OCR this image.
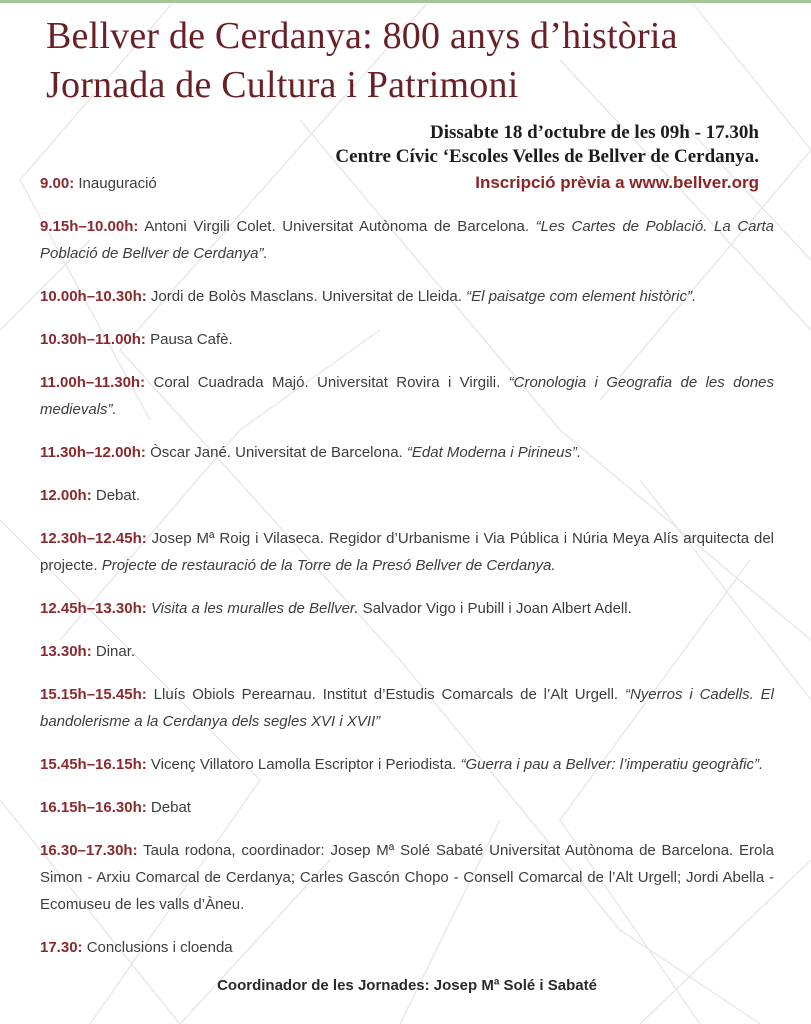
Bellver de Cerdanya: 800 anys d’història
Jornada de Cultura i Patrimoni
Dissabte 18 d’octubre de les 09h - 17.30h
Centre Cívic ‘Escoles Velles de Bellver de Cerdanya.
Inscripció prèvia a www.bellver.org

9.00: Inauguració

9.15h–10.00h: Antoni Virgili Colet. Universitat Autònoma de Barcelona. “Les Cartes de Població. La Carta Població de Bellver de Cerdanya”.

10.00h–10.30h: Jordi de Bolòs Masclans. Universitat de Lleida. “El paisatge com element històric”.

10.30h–11.00h: Pausa Cafè.

11.00h–11.30h: Coral Cuadrada Majó. Universitat Rovira i Virgili. “Cronologia i Geografia de les dones medievals”.

11.30h–12.00h: Òscar Jané. Universitat de Barcelona. “Edat Moderna i Pirineus”.

12.00h: Debat.

12.30h–12.45h: Josep Mª Roig i Vilaseca. Regidor d’Urbanisme i Via Pública i Núria Meya Alís arquitecta del projecte. Projecte de restauració de la Torre de la Presó Bellver de Cerdanya.

12.45h–13.30h: Visita a les muralles de Bellver. Salvador Vigo i Pubill i Joan Albert Adell.

13.30h: Dinar.

15.15h–15.45h: Lluís Obiols Perearnau. Institut d’Estudis Comarcals de l’Alt Urgell. “Nyerros i Cadells. El bandolerisme a la Cerdanya dels segles XVI i XVII”

15.45h–16.15h: Vicenç Villatoro Lamolla Escriptor i Periodista. “Guerra i pau a Bellver: l’imperatiu geogràfic”.

16.15h–16.30h: Debat

16.30–17.30h: Taula rodona, coordinador: Josep Mª Solé Sabaté Universitat Autònoma de Barcelona. Erola Simon - Arxiu Comarcal de Cerdanya; Carles Gascón Chopo - Consell Comarcal de l’Alt Urgell; Jordi Abella - Ecomuseu de les valls d’Àneu.

17.30: Conclusions i cloenda

Coordinador de les Jornades: Josep Mª Solé i Sabaté
